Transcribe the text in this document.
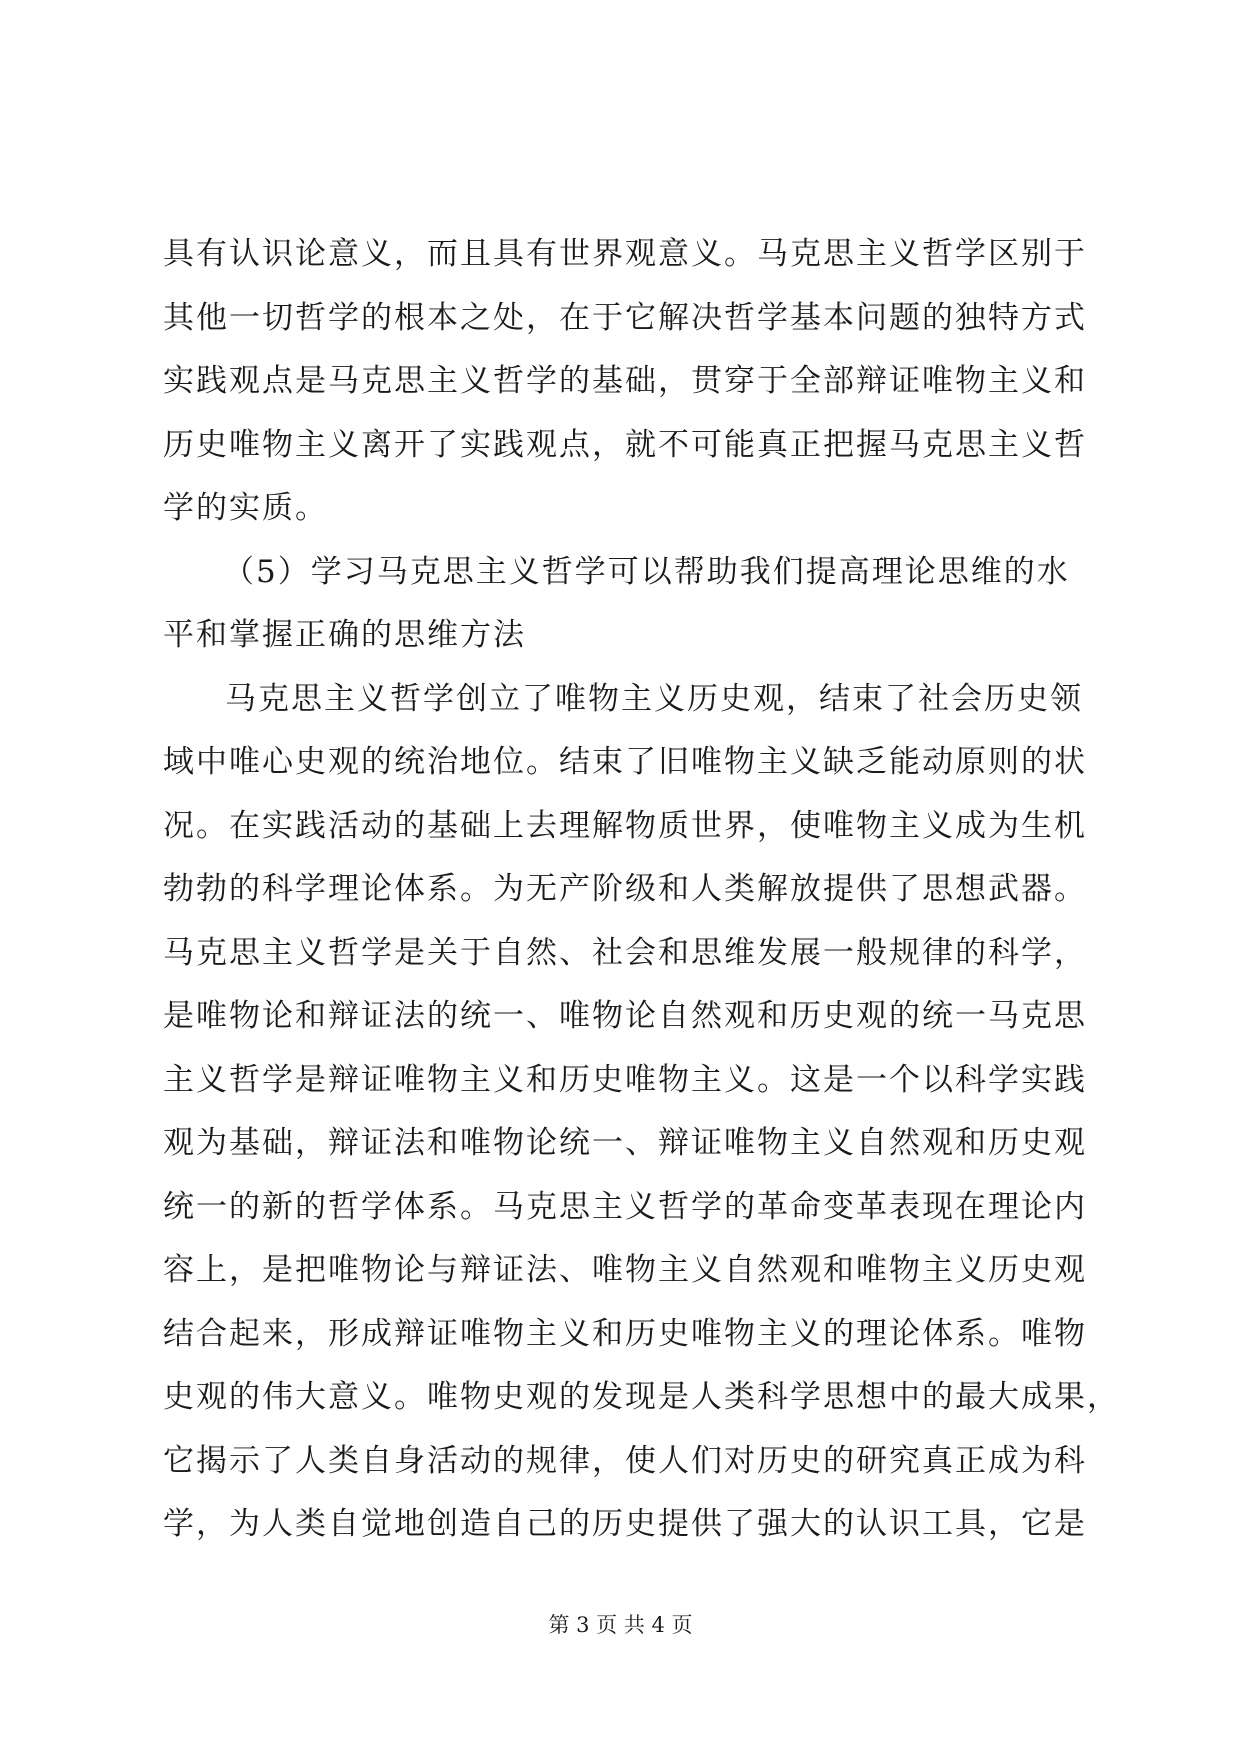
具有认识论意义，而且具有世界观意义。马克思主义哲学区别于
其他一切哲学的根本之处，在于它解决哲学基本问题的独特方式
实践观点是马克思主义哲学的基础，贯穿于全部辩证唯物主义和
历史唯物主义离开了实践观点，就不可能真正把握马克思主义哲
学的实质。
（5）学习马克思主义哲学可以帮助我们提高理论思维的水
平和掌握正确的思维方法
马克思主义哲学创立了唯物主义历史观，结束了社会历史领
域中唯心史观的统治地位。结束了旧唯物主义缺乏能动原则的状
况。在实践活动的基础上去理解物质世界，使唯物主义成为生机
勃勃的科学理论体系。为无产阶级和人类解放提供了思想武器。
马克思主义哲学是关于自然、社会和思维发展一般规律的科学，
是唯物论和辩证法的统一、唯物论自然观和历史观的统一马克思
主义哲学是辩证唯物主义和历史唯物主义。这是一个以科学实践
观为基础，辩证法和唯物论统一、辩证唯物主义自然观和历史观
统一的新的哲学体系。马克思主义哲学的革命变革表现在理论内
容上，是把唯物论与辩证法、唯物主义自然观和唯物主义历史观
结合起来，形成辩证唯物主义和历史唯物主义的理论体系。唯物
史观的伟大意义。唯物史观的发现是人类科学思想中的最大成果，
它揭示了人类自身活动的规律，使人们对历史的研究真正成为科
学，为人类自觉地创造自己的历史提供了强大的认识工具，它是
第 3 页 共 4 页
